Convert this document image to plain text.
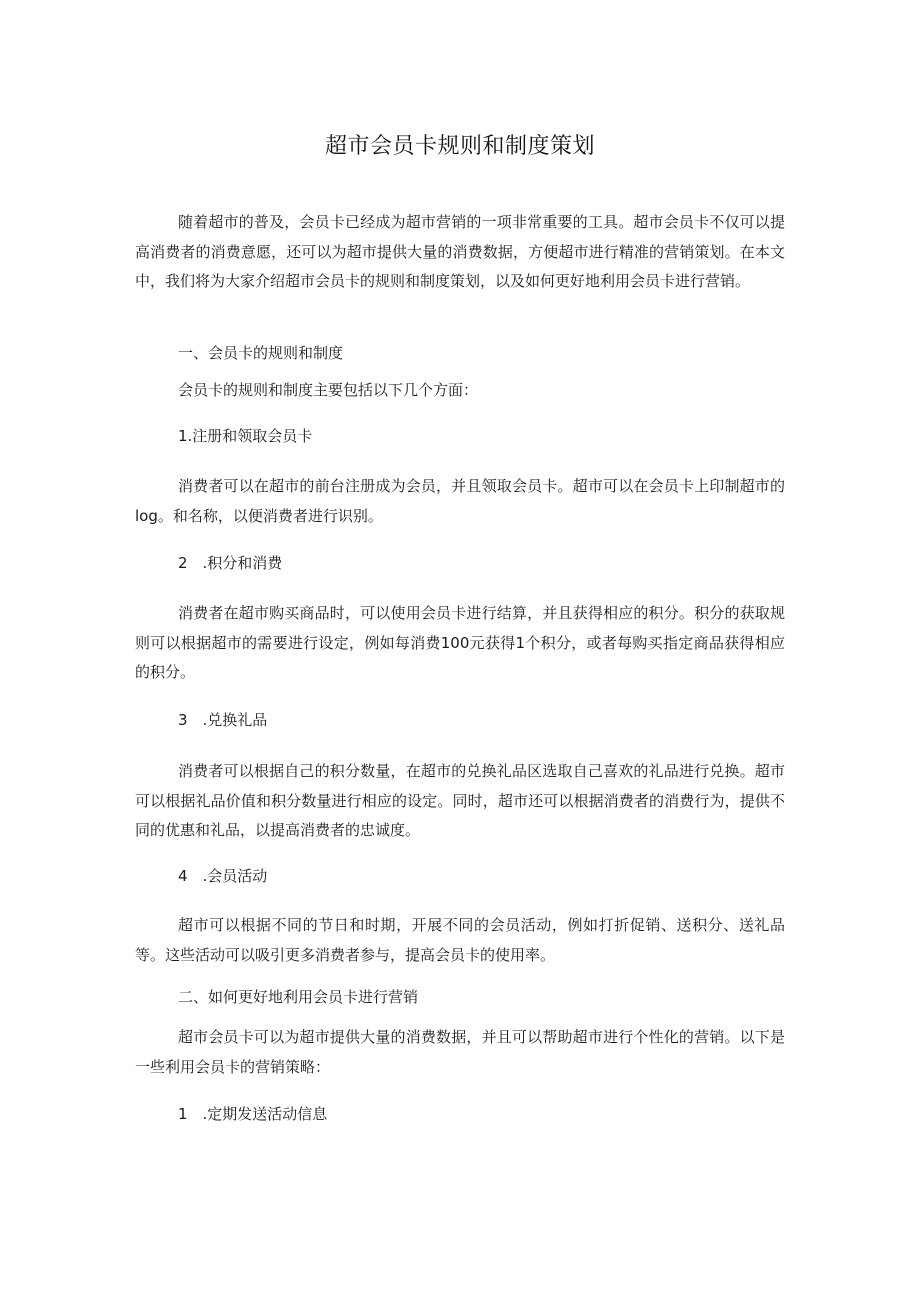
超市会员卡规则和制度策划

随着超市的普及，会员卡已经成为超市营销的一项非常重要的工具。超市会员卡不仅可以提高消费者的消费意愿，还可以为超市提供大量的消费数据，方便超市进行精准的营销策划。在本文中，我们将为大家介绍超市会员卡的规则和制度策划，以及如何更好地利用会员卡进行营销。

一、会员卡的规则和制度

会员卡的规则和制度主要包括以下几个方面：

1.注册和领取会员卡

消费者可以在超市的前台注册成为会员，并且领取会员卡。超市可以在会员卡上印制超市的log。和名称，以便消费者进行识别。

2　.积分和消费

消费者在超市购买商品时，可以使用会员卡进行结算，并且获得相应的积分。积分的获取规则可以根据超市的需要进行设定，例如每消费100元获得1个积分，或者每购买指定商品获得相应的积分。

3　.兑换礼品

消费者可以根据自己的积分数量，在超市的兑换礼品区选取自己喜欢的礼品进行兑换。超市可以根据礼品价值和积分数量进行相应的设定。同时，超市还可以根据消费者的消费行为，提供不同的优惠和礼品，以提高消费者的忠诚度。

4　.会员活动

超市可以根据不同的节日和时期，开展不同的会员活动，例如打折促销、送积分、送礼品等。这些活动可以吸引更多消费者参与，提高会员卡的使用率。

二、如何更好地利用会员卡进行营销

超市会员卡可以为超市提供大量的消费数据，并且可以帮助超市进行个性化的营销。以下是一些利用会员卡的营销策略：

1　.定期发送活动信息
